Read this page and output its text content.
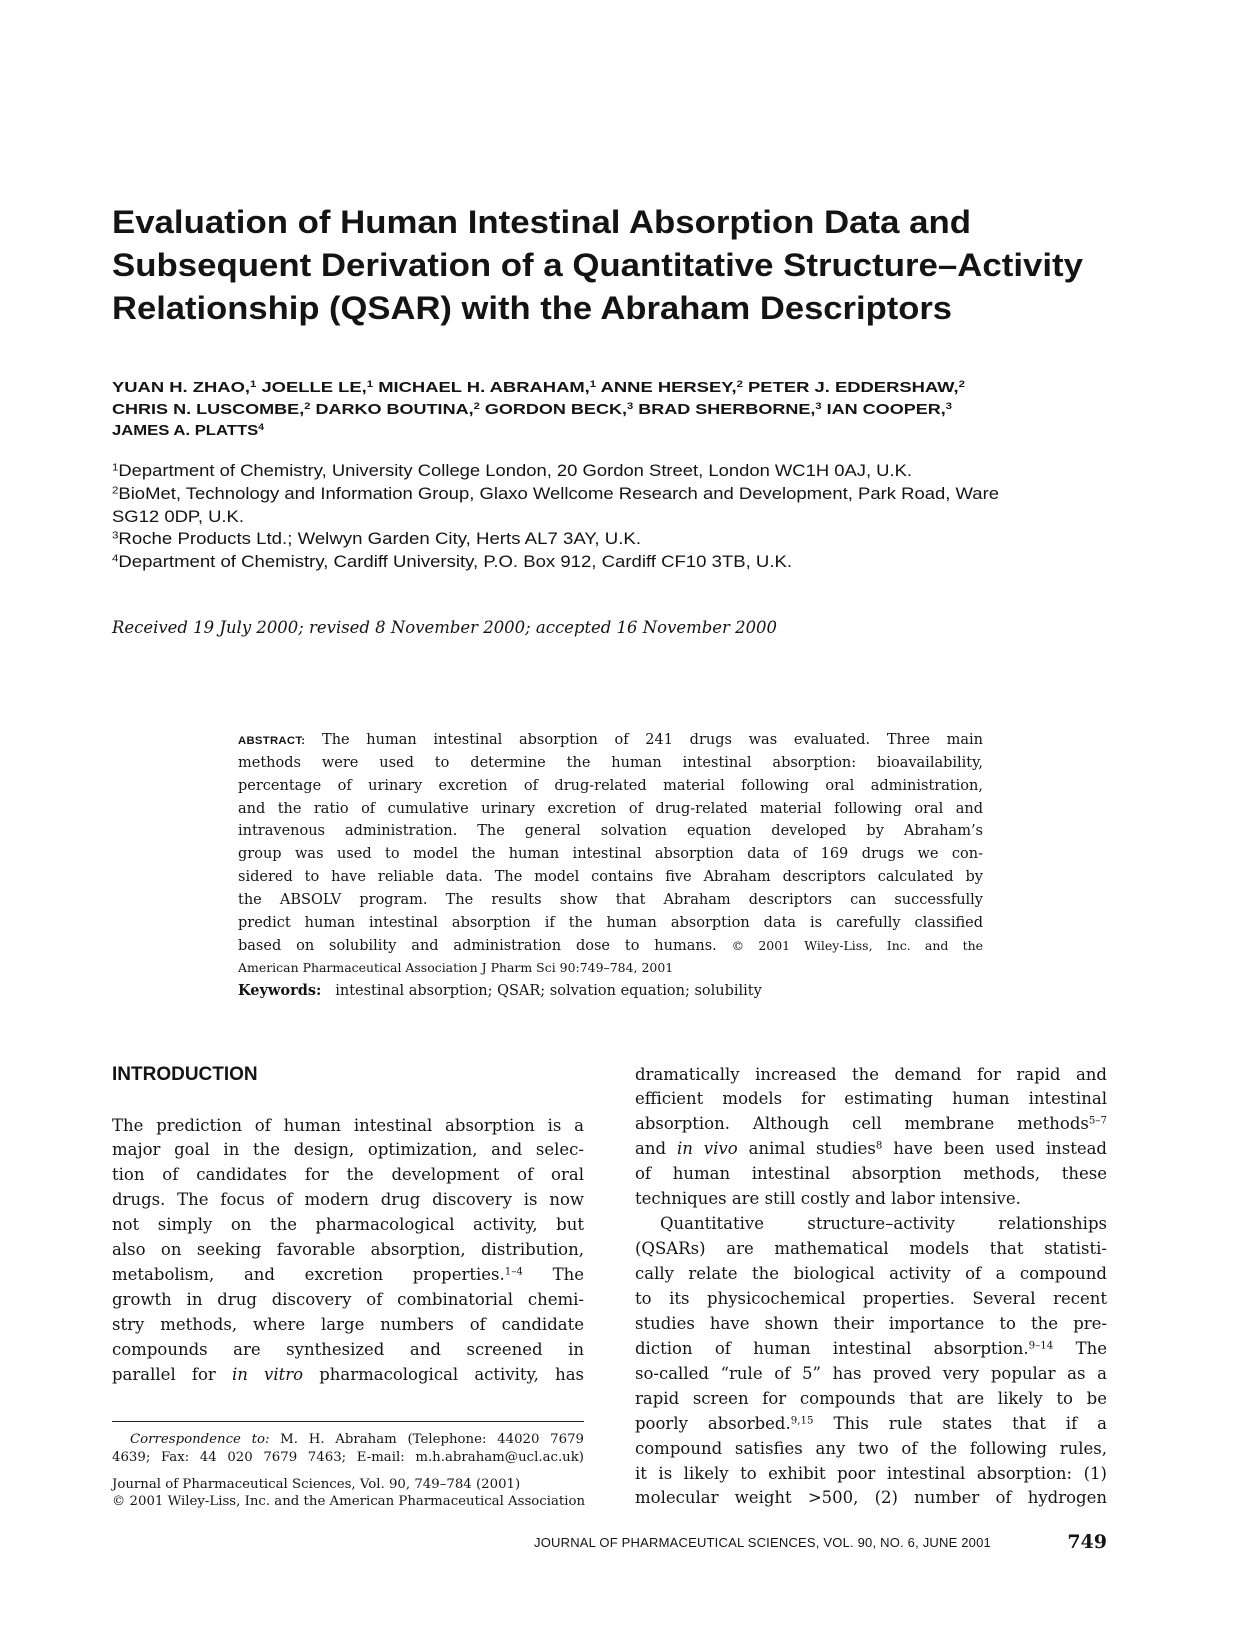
Evaluation of Human Intestinal Absorption Data and
Subsequent Derivation of a Quantitative Structure–Activity
Relationship (QSAR) with the Abraham Descriptors
YUAN H. ZHAO,$^1$ JOELLE LE,$^1$ MICHAEL H. ABRAHAM,$^1$ ANNE HERSEY,$^2$ PETER J. EDDERSHAW,$^2$
CHRIS N. LUSCOMBE,$^2$ DARKO BOUTINA,$^2$ GORDON BECK,$^3$ BRAD SHERBORNE,$^3$ IAN COOPER,$^3$
JAMES A. PLATTS$^4$
$^1$Department of Chemistry, University College London, 20 Gordon Street, London WC1H 0AJ, U.K.
$^2$BioMet, Technology and Information Group, Glaxo Wellcome Research and Development, Park Road, Ware
SG12 0DP, U.K.
$^3$Roche Products Ltd.; Welwyn Garden City, Herts AL7 3AY, U.K.
$^4$Department of Chemistry, Cardiff University, P.O. Box 912, Cardiff CF10 3TB, U.K.
Received 19 July 2000; revised 8 November 2000; accepted 16 November 2000
ABSTRACT: The human intestinal absorption of 241 drugs was evaluated. Three main
methods were used to determine the human intestinal absorption: bioavailability,
percentage of urinary excretion of drug-related material following oral administration,
and the ratio of cumulative urinary excretion of drug-related material following oral and
intravenous administration. The general solvation equation developed by Abraham’s
group was used to model the human intestinal absorption data of 169 drugs we con-
sidered to have reliable data. The model contains five Abraham descriptors calculated by
the ABSOLV program. The results show that Abraham descriptors can successfully
predict human intestinal absorption if the human absorption data is carefully classified
based on solubility and administration dose to humans. © 2001 Wiley-Liss, Inc. and the
American Pharmaceutical Association J Pharm Sci 90:749–784, 2001
Keywords: intestinal absorption; QSAR; solvation equation; solubility
INTRODUCTION
The prediction of human intestinal absorption is a
major goal in the design, optimization, and selec-
tion of candidates for the development of oral
drugs. The focus of modern drug discovery is now
not simply on the pharmacological activity, but
also on seeking favorable absorption, distribution,
metabolism, and excretion properties.$^{1-4}$ The
growth in drug discovery of combinatorial chemi-
stry methods, where large numbers of candidate
compounds are synthesized and screened in
parallel for in vitro pharmacological activity, has
dramatically increased the demand for rapid and
efficient models for estimating human intestinal
absorption. Although cell membrane methods$^{5-7}$
and in vivo animal studies$^8$ have been used instead
of human intestinal absorption methods, these
techniques are still costly and labor intensive.
Quantitative structure–activity relationships
(QSARs) are mathematical models that statisti-
cally relate the biological activity of a compound
to its physicochemical properties. Several recent
studies have shown their importance to the pre-
diction of human intestinal absorption.$^{9-14}$ The
so-called “rule of 5” has proved very popular as a
rapid screen for compounds that are likely to be
poorly absorbed.$^{9,15}$ This rule states that if a
compound satisfies any two of the following rules,
it is likely to exhibit poor intestinal absorption: (1)
molecular weight >500, (2) number of hydrogen
Correspondence to: M. H. Abraham (Telephone: 44020 7679
4639; Fax: 44 020 7679 7463; E-mail: m.h.abraham@ucl.ac.uk)
Journal of Pharmaceutical Sciences, Vol. 90, 749–784 (2001)
© 2001 Wiley-Liss, Inc. and the American Pharmaceutical Association
JOURNAL OF PHARMACEUTICAL SCIENCES, VOL. 90, NO. 6, JUNE 2001	749
